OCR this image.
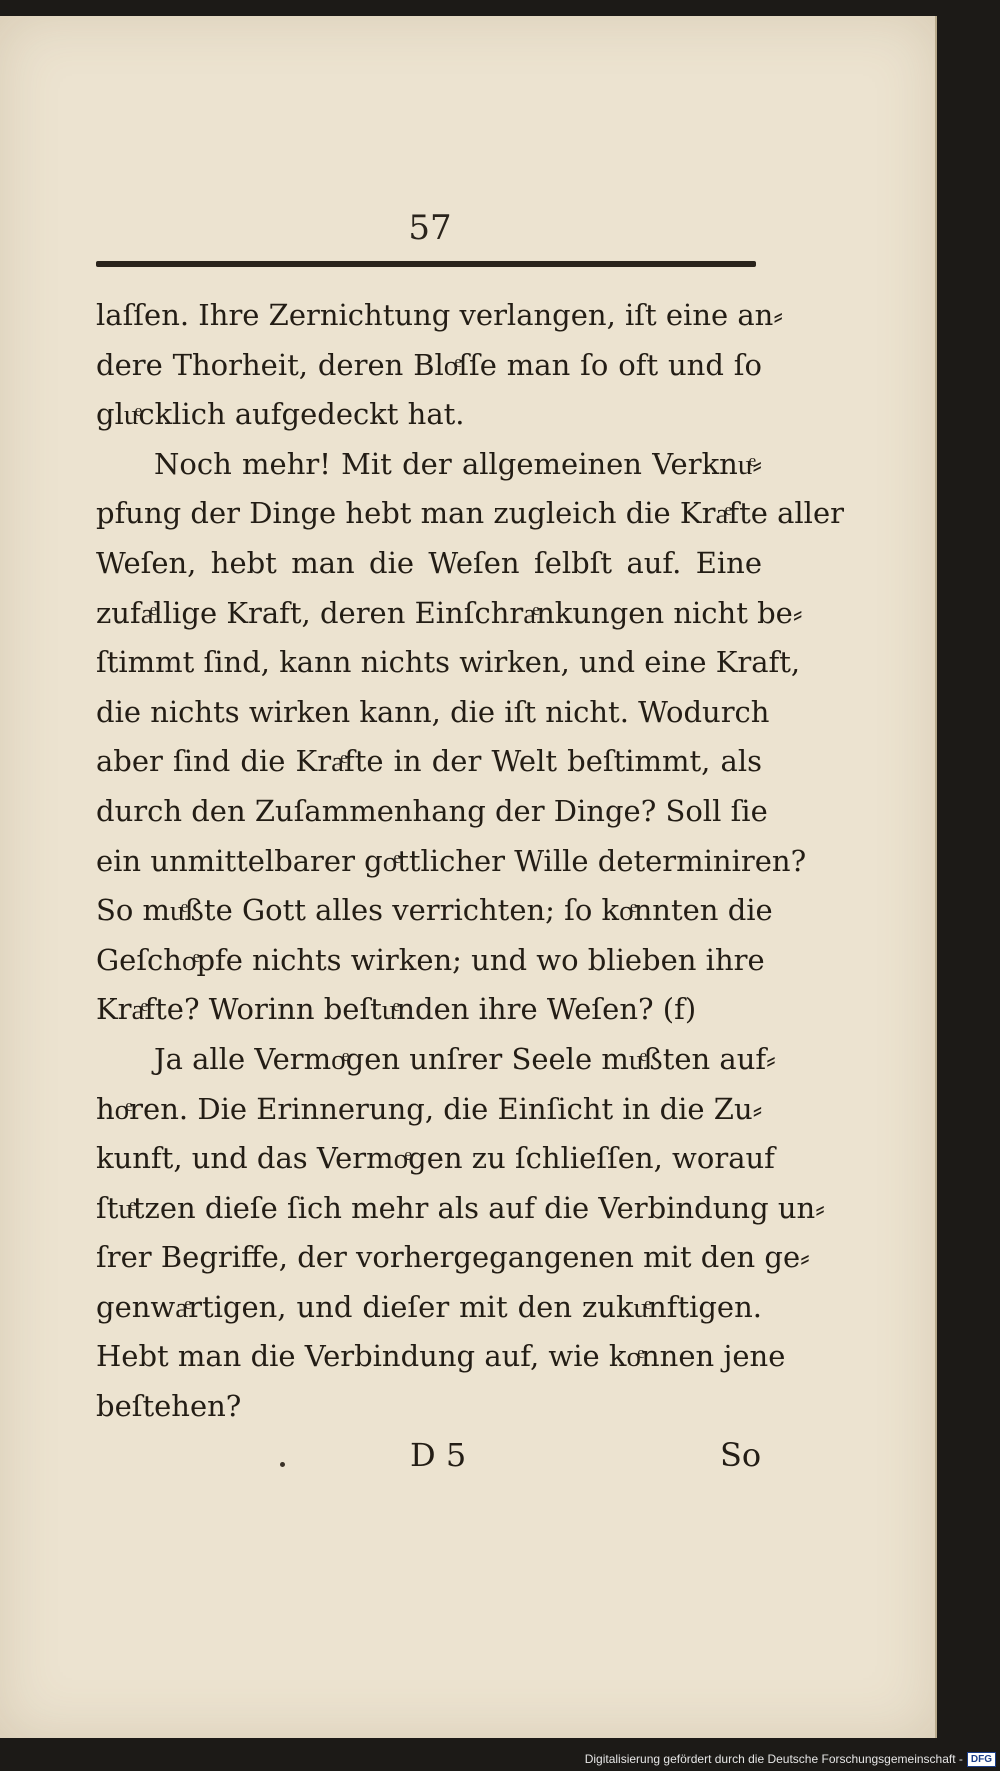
57
laſſen. Ihre Zernichtung verlangen, iſt eine an⸗
dere Thorheit, deren Bloͤſſe man ſo oft und ſo
gluͤcklich aufgedeckt hat.
Noch mehr! Mit der allgemeinen Verknuͤ⸗
pfung der Dinge hebt man zugleich die Kraͤfte aller
Weſen, hebt man die Weſen ſelbſt auf. Eine
zufaͤllige Kraft, deren Einſchraͤnkungen nicht be⸗
ſtimmt ſind, kann nichts wirken, und eine Kraft,
die nichts wirken kann, die iſt nicht. Wodurch
aber ſind die Kraͤfte in der Welt beſtimmt, als
durch den Zuſammenhang der Dinge? Soll ſie
ein unmittelbarer goͤttlicher Wille determiniren?
So muͤßte Gott alles verrichten; ſo koͤnnten die
Geſchoͤpfe nichts wirken; und wo blieben ihre
Kraͤfte? Worinn beſtuͤnden ihre Weſen? (f)
Ja alle Vermoͤgen unſrer Seele muͤßten auf⸗
hoͤren. Die Erinnerung, die Einſicht in die Zu⸗
kunft, und das Vermoͤgen zu ſchlieſſen, worauf
ſtuͤtzen dieſe ſich mehr als auf die Verbindung un⸗
ſrer Begriffe, der vorhergegangenen mit den ge⸗
genwaͤrtigen, und dieſer mit den zukuͤnftigen.
Hebt man die Verbindung auf, wie koͤnnen jene
beſtehen?
D 5	So
Digitalisierung gefördert durch die Deutsche Forschungsgemeinschaft - DFG
